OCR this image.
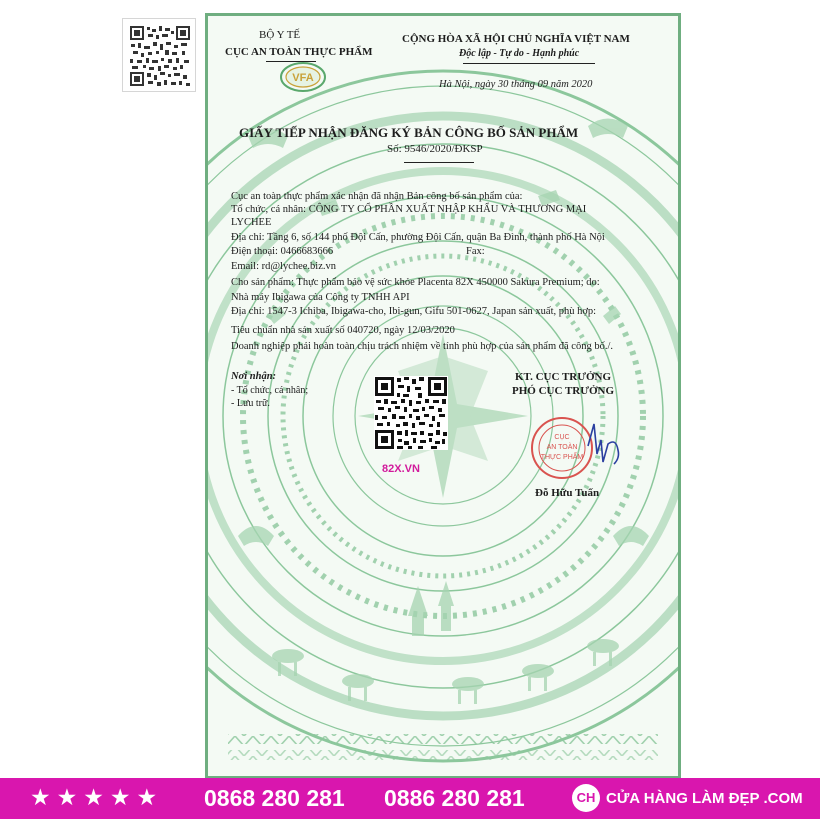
BỘ Y TẾ
CỤC AN TOÀN THỰC PHẨM
VFA
CỘNG HÒA XÃ HỘI CHỦ NGHĨA VIỆT NAM
Độc lập - Tự do - Hạnh phúc
Hà Nội, ngày 30 tháng 09 năm 2020
GIẤY TIẾP NHẬN ĐĂNG KÝ BẢN CÔNG BỐ SẢN PHẨM
Số: 9546/2020/ĐKSP
Cục an toàn thực phẩm xác nhận đã nhận Bản công bố sản phẩm của:
Tổ chức, cá nhân: CÔNG TY CỔ PHẦN XUẤT NHẬP KHẨU VÀ THƯƠNG MẠI
LYCHEE
Địa chỉ: Tầng 6, số 144 phố Đội Cấn, phường Đội Cấn, quận Ba Đình, thành phố Hà Nội
Điện thoại: 0466683666	Fax:
Email: rd@lychee.biz.vn
Cho sản phẩm: Thực phẩm bảo vệ sức khỏe Placenta 82X 450000 Sakura Premium; do:
Nhà máy Ibigawa của Công ty TNHH API
Địa chỉ: 1547-3 Ichiba, Ibigawa-cho, Ibi-gun, Gifu 501-0627, Japan sản xuất, phù hợp:
Tiêu chuẩn nhà sản xuất số 040720, ngày 12/03/2020
Doanh nghiệp phải hoàn toàn chịu trách nhiệm về tính phù hợp của sản phẩm đã công bố./.
Nơi nhận:
- Tổ chức, cá nhân;
- Lưu trữ.
82X.VN
KT. CỤC TRƯỞNG
PHÓ CỤC TRƯỞNG
CỤC
AN TOÀN
THỰC PHẨM
Đỗ Hữu Tuấn
★★★★★ 0868 280 281 0886 280 281	CH CỬA HÀNG LÀM ĐẸP .COM
